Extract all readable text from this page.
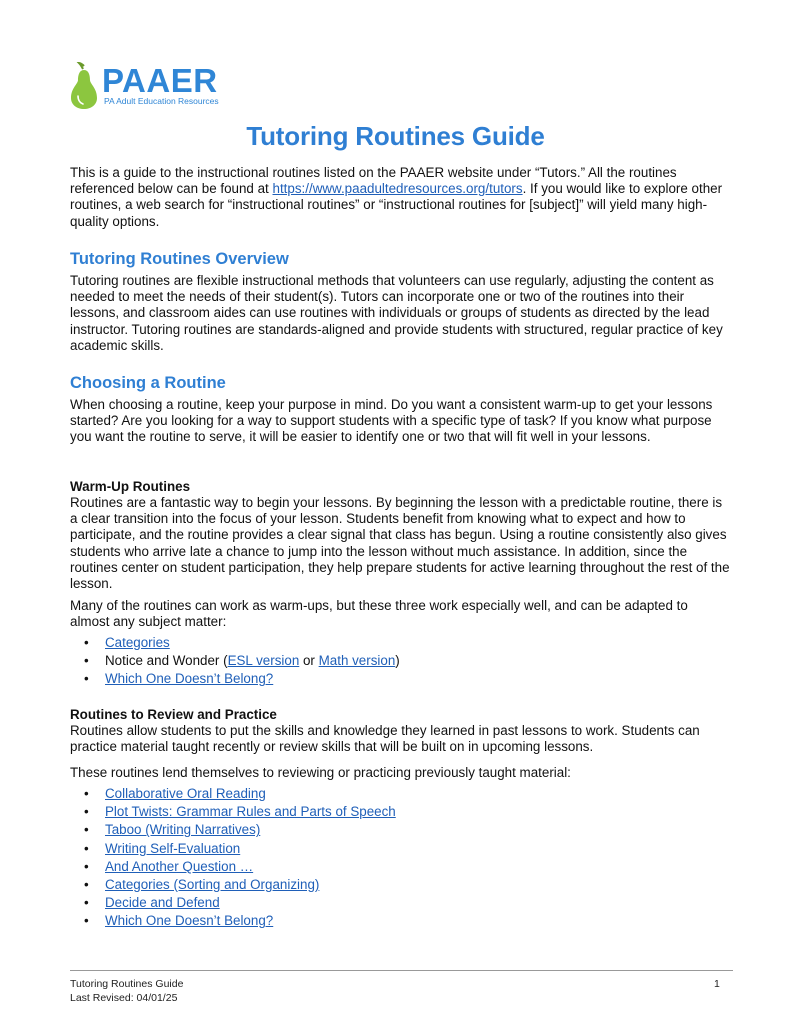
PAAER
PA Adult Education Resources
Tutoring Routines Guide

This is a guide to the instructional routines listed on the PAAER website under “Tutors.” All the routines referenced below can be found at https://www.paadultedresources.org/tutors. If you would like to explore other routines, a web search for “instructional routines” or “instructional routines for [subject]” will yield many high-quality options.

Tutoring Routines Overview

Tutoring routines are flexible instructional methods that volunteers can use regularly, adjusting the content as needed to meet the needs of their student(s). Tutors can incorporate one or two of the routines into their lessons, and classroom aides can use routines with individuals or groups of students as directed by the lead instructor. Tutoring routines are standards-aligned and provide students with structured, regular practice of key academic skills.

Choosing a Routine

When choosing a routine, keep your purpose in mind. Do you want a consistent warm-up to get your lessons started? Are you looking for a way to support students with a specific type of task? If you know what purpose you want the routine to serve, it will be easier to identify one or two that will fit well in your lessons.

Warm-Up Routines

Routines are a fantastic way to begin your lessons. By beginning the lesson with a predictable routine, there is a clear transition into the focus of your lesson. Students benefit from knowing what to expect and how to participate, and the routine provides a clear signal that class has begun. Using a routine consistently also gives students who arrive late a chance to jump into the lesson without much assistance. In addition, since the routines center on student participation, they help prepare students for active learning throughout the rest of the lesson.

Many of the routines can work as warm-ups, but these three work especially well, and can be adapted to almost any subject matter:

• Categories
• Notice and Wonder (ESL version or Math version)
• Which One Doesn’t Belong?
Routines to Review and Practice

Routines allow students to put the skills and knowledge they learned in past lessons to work. Students can practice material taught recently or review skills that will be built on in upcoming lessons.

These routines lend themselves to reviewing or practicing previously taught material:

• Collaborative Oral Reading
• Plot Twists: Grammar Rules and Parts of Speech
• Taboo (Writing Narratives)
• Writing Self-Evaluation
• And Another Question …
• Categories (Sorting and Organizing)
• Decide and Defend
• Which One Doesn’t Belong?
Tutoring Routines Guide
Last Revised: 04/01/25
1
